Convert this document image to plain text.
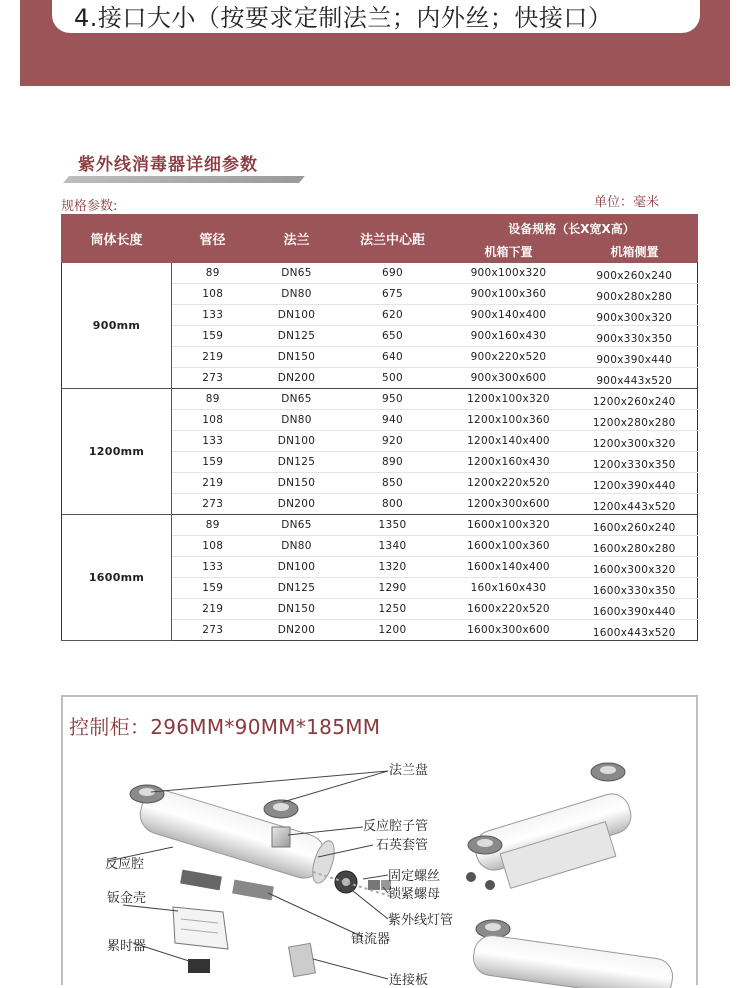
4.接口大小（按要求定制法兰；内外丝；快接口）
紫外线消毒器详细参数
规格参数:	单位：毫米
筒体长度	管径	法兰	法兰中心距	设备规格（长X宽X高）	
				机箱下置	机箱侧置
900mm	89	DN65	690	900x100x320	900x260x240
	108	DN80	675	900x100x360	900x280x280
	133	DN100	620	900x140x400	900x300x320
	159	DN125	650	900x160x430	900x330x350
	219	DN150	640	900x220x520	900x390x440
	273	DN200	500	900x300x600	900x443x520
1200mm	89	DN65	950	1200x100x320	1200x260x240
	108	DN80	940	1200x100x360	1200x280x280
	133	DN100	920	1200x140x400	1200x300x320
	159	DN125	890	1200x160x430	1200x330x350
	219	DN150	850	1200x220x520	1200x390x440
	273	DN200	800	1200x300x600	1200x443x520
1600mm	89	DN65	1350	1600x100x320	1600x260x240
	108	DN80	1340	1600x100x360	1600x280x280
	133	DN100	1320	1600x140x400	1600x300x320
	159	DN125	1290	160x160x430	1600x330x350
	219	DN150	1250	1600x220x520	1600x390x440
	273	DN200	1200	1600x300x600	1600x443x520
控制柜：296MM*90MM*185MM
法兰盘
反应腔子管
石英套管
反应腔
固定螺丝
锁紧螺母
钣金壳
紫外线灯管
镇流器
累时器
连接板
